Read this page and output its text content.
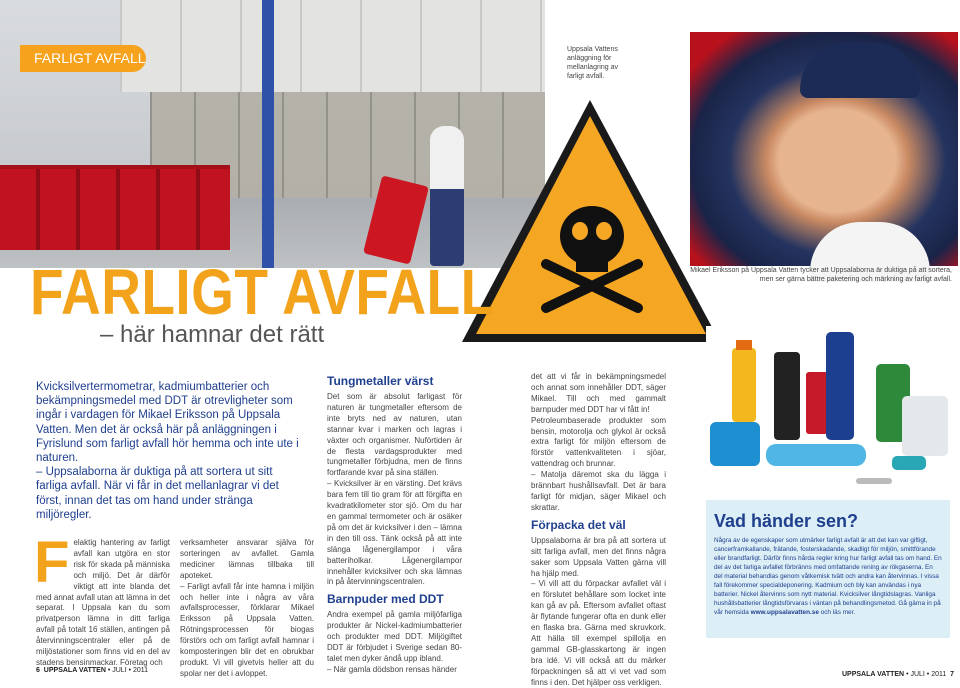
FARLIGT AVFALL
Uppsala Vattens anläggning för mellanlagring av farligt avfall.
Mikael Eriksson på Uppsala Vatten tycker att Uppsalaborna är duktiga på att sortera, men ser gärna bättre paketering och märkning av farligt avfall.
FARLIGT AVFALL
– här hamnar det rätt

Kvicksilvertermometrar, kadmiumbatterier och bekämpningsmedel med DDT är otrevligheter som ingår i vardagen för Mikael Eriksson på Uppsala Vatten. Men det är också här på anläggningen i Fyrislund som farligt avfall hör hemma och inte ute i naturen.

– Uppsalaborna är duktiga på att sortera ut sitt farliga avfall. När vi får in det mellanlagrar vi det först, innan det tas om hand under stränga miljöregler.

F elaktig hantering av farligt avfall kan utgöra en stor risk för skada på människa och miljö. Det är därför viktigt att inte blanda det med annat avfall utan att lämna in det separat. I Uppsala kan du som privatperson lämna in ditt farliga avfall på totalt 16 ställen, antingen på återvinningscentraler eller på de miljöstationer som finns vid en del av stadens bensinmackar. Företag och

verksamheter ansvarar själva för sorteringen av avfallet. Gamla mediciner lämnas tillbaka till apoteket.

– Farligt avfall får inte hamna i miljön och heller inte i några av våra avfallsprocesser, förklarar Mikael Eriksson på Uppsala Vatten. Rötningsprocessen för biogas förstörs och om farligt avfall hamnar i komposteringen blir det en obrukbar produkt. Vi vill givetvis heller att du spolar ner det i avloppet.

Tungmetaller värst

Det som är absolut farligast för naturen är tungmetaller eftersom de inte bryts ned av naturen, utan stannar kvar i marken och lagras i växter och organismer. Nuförtiden är de flesta vardagsprodukter med tungmetaller förbjudna, men de finns fortfarande kvar på sina ställen.

– Kvicksilver är en värsting. Det krävs bara fem till tio gram för att förgifta en kvadratkilometer stor sjö. Om du har en gammal termometer och är osäker på om det är kvicksilver i den – lämna in den till oss. Tänk också på att inte slänga lågenergilampor i våra batteriholkar. Lågenergilampor innehåller kvicksilver och ska lämnas in på återvinningscentralen.

Barnpuder med DDT

Andra exempel på gamla miljöfarliga produkter är Nickel-kadmiumbatterier och produkter med DDT. Miljögiftet DDT är förbjudet i Sverige sedan 80-talet men dyker ändå upp ibland.

– När gamla dödsbon rensas händer

det att vi får in bekämpningsmedel och annat som innehåller DDT, säger Mikael. Till och med gammalt barnpuder med DDT har vi fått in!

Petroleumbaserade produkter som bensin, motorolja och glykol är också extra farligt för miljön eftersom de förstör vattenkvaliteten i sjöar, vattendrag och brunnar.

– Matolja däremot ska du lägga i brännbart hushållsavfall. Det är bara farligt för midjan, säger Mikael och skrattar.

Förpacka det väl

Uppsalaborna är bra på att sortera ut sitt farliga avfall, men det finns några saker som Uppsala Vatten gärna vill ha hjälp med.

– Vi vill att du förpackar avfallet väl i en förslutet behållare som locket inte kan gå av på. Eftersom avfallet oftast är flytande fungerar ofta en dunk eller en flaska bra. Gärna med skruvkork. Att hälla till exempel spillolja en gammal GB-glasskartong är ingen bra idé. Vi vill också att du märker förpackningen så att vi vet vad som finns i den. Det hjälper oss verkligen.

Vad händer sen?

Några av de egenskaper som utmärker farligt avfall är att det kan var giftigt, cancerframkallande, frätande, fosterskadande, skadligt för miljön, smittförande eller brandfarligt. Därför finns hårda regler kring hur farligt avfall tas om hand. En del av det farliga avfallet förbränns med omfattande rening av rökgaserna. En del material behandlas genom våtkemisk tvätt och andra kan återvinnas. I vissa fall förekommer specialdeponering. Kadmium och bly kan användas i nya batterier. Nickel återvinns som nytt material. Kvicksilver långtidslagras. Vanliga hushållsbatterier långtidsförvaras i väntan på behandlingsmetod. Gå gärna in på vår hemsida www.uppsalavatten.se och läs mer.

6 UPPSALA VATTEN • JULI • 2011
UPPSALA VATTEN • JULI • 2011 7
